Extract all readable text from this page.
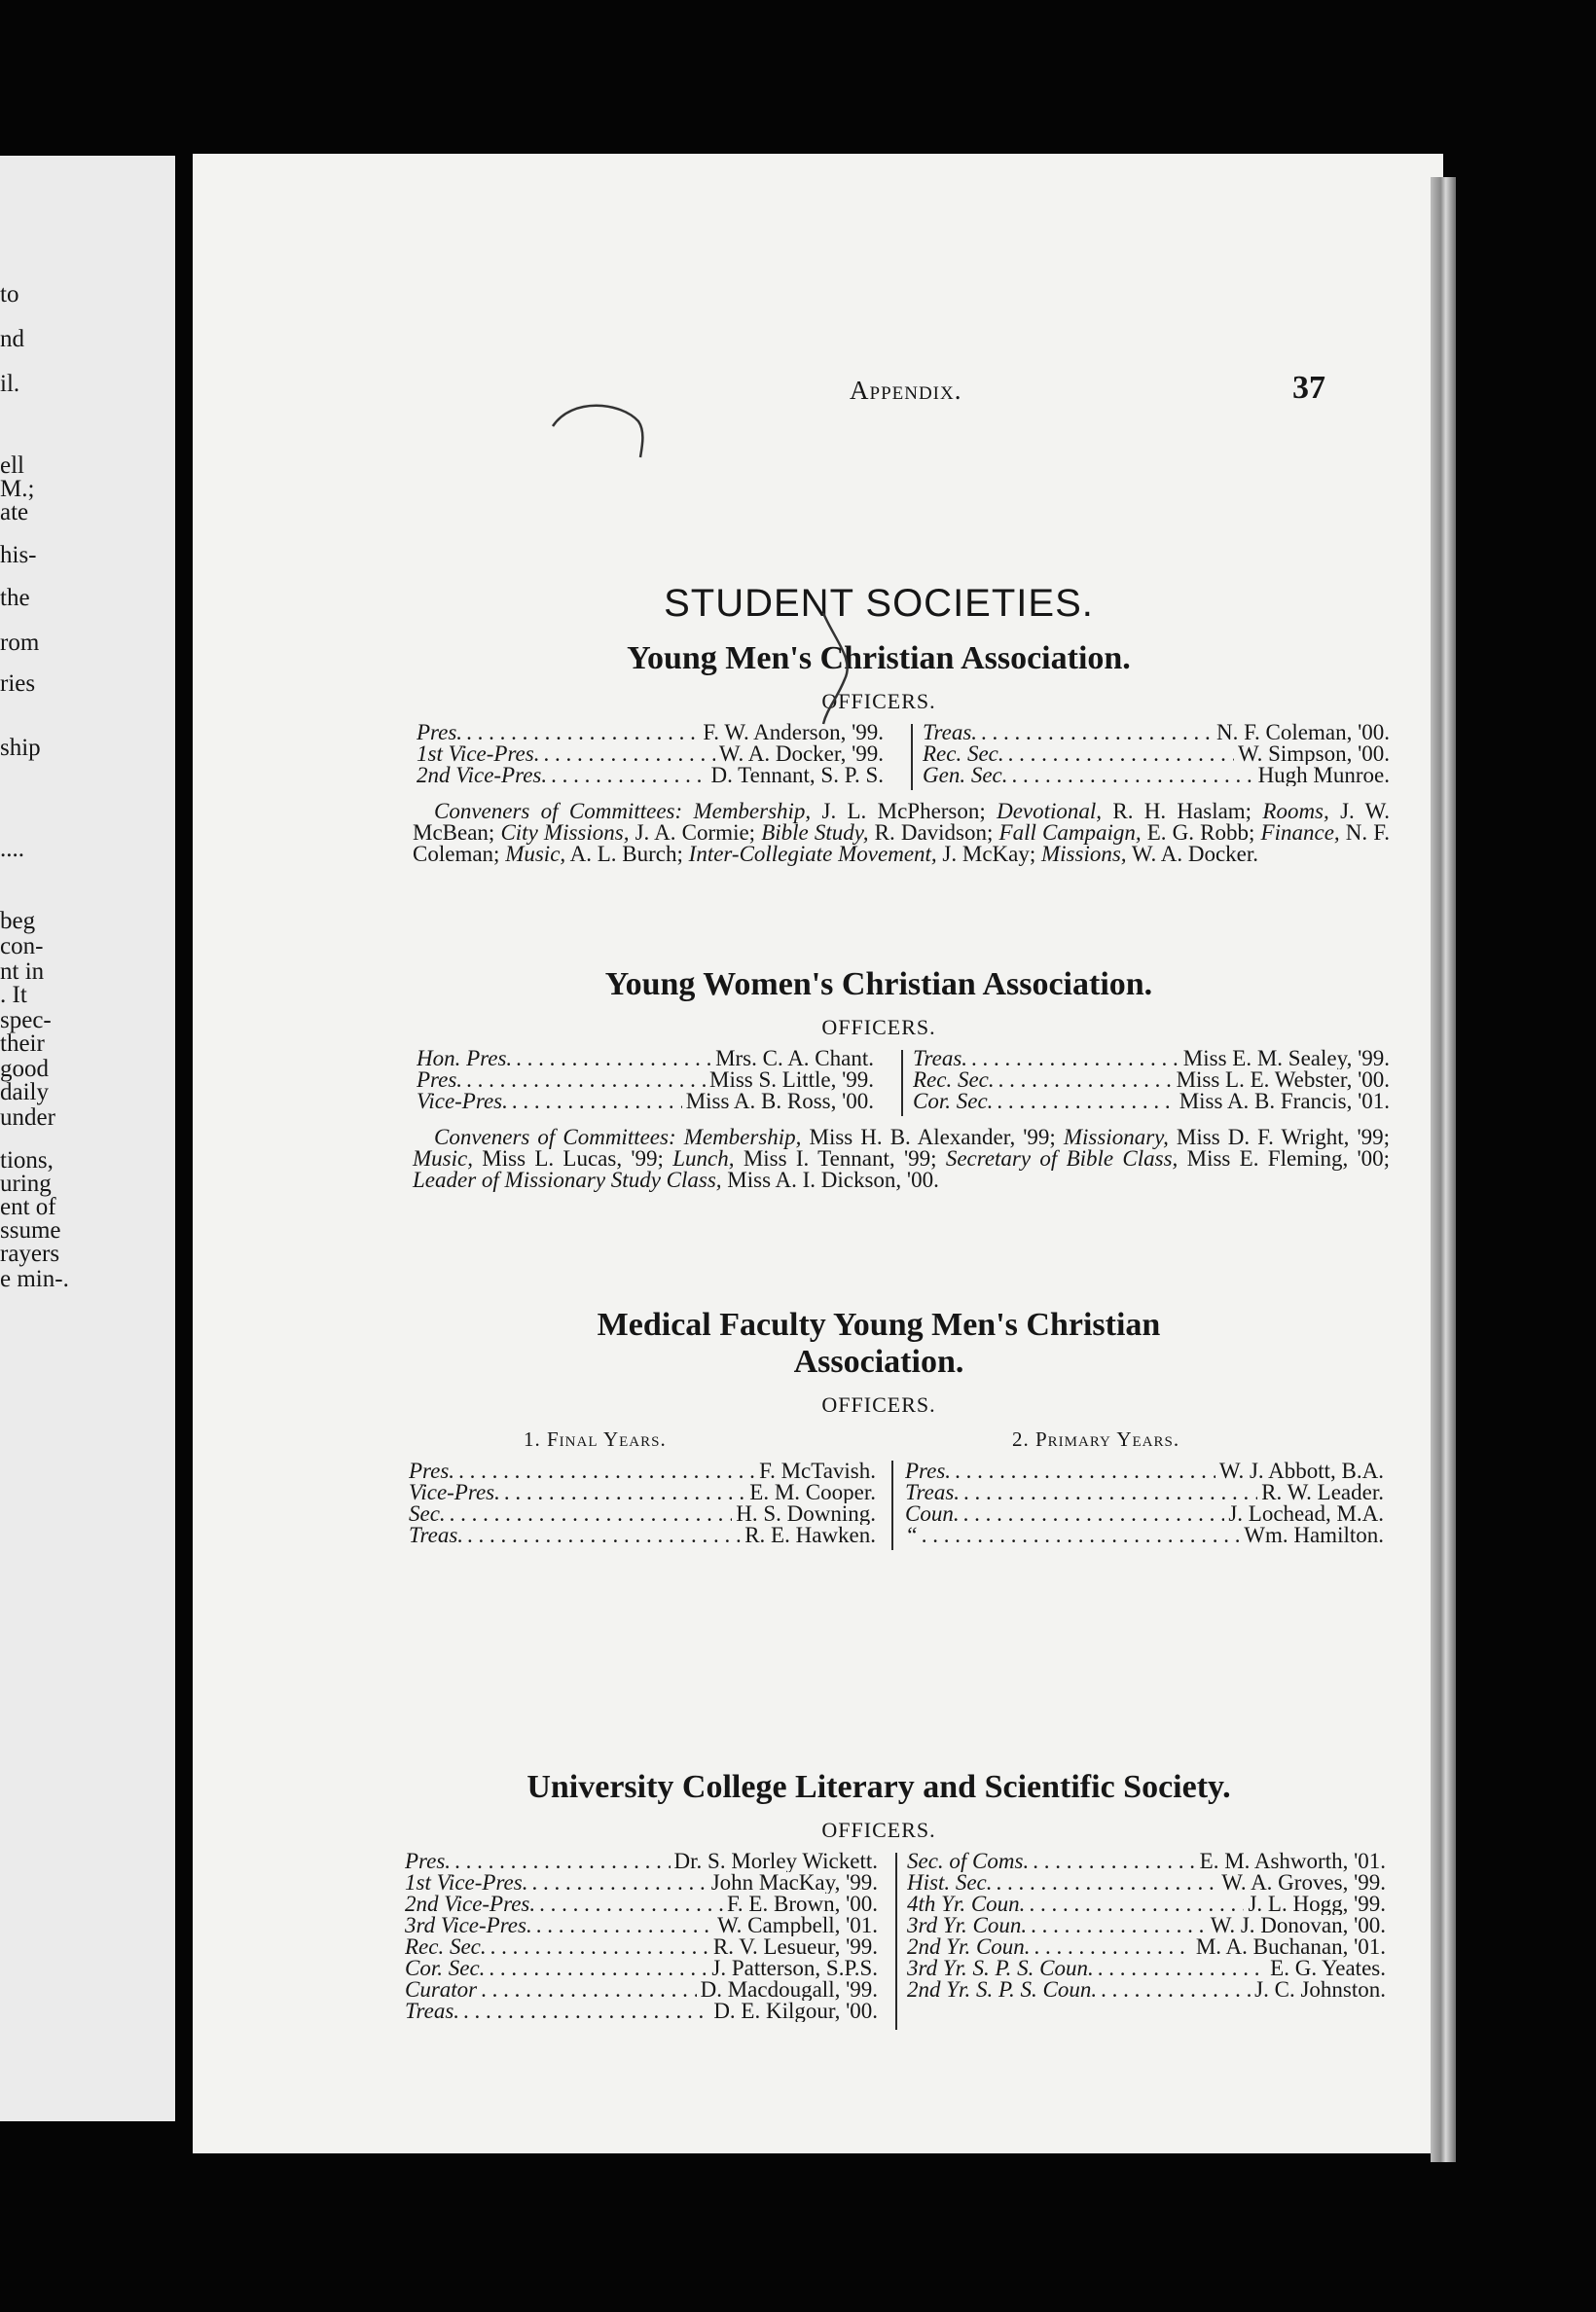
to
nd
il.
ell
M.;
ate
his-
the
rom
ries
ship
....
beg
con-
nt in
. It
spec-
their
good
daily
under
tions,
uring
ent of
ssume
rayers
e min-.
Appendix.	37
STUDENT SOCIETIES.
Young Men's Christian Association.
OFFICERS.
Pres. . . .	F. W. Anderson, '99.
1st Vice-Pres. . . .	W. A. Docker, '99.
2nd Vice-Pres. . . .	D. Tennant, S. P. S.
Treas. . . .	N. F. Coleman, '00.
Rec. Sec. . . .	W. Simpson, '00.
Gen. Sec. . . .	Hugh Munroe.
Conveners of Committees: Membership, J. L. McPherson; Devotional, R. H. Haslam; Rooms, J. W. McBean; City Missions, J. A. Cormie; Bible Study, R. Davidson; Fall Campaign, E. G. Robb; Finance, N. F. Coleman; Music, A. L. Burch; Inter-Collegiate Movement, J. McKay; Missions, W. A. Docker.
Young Women's Christian Association.
OFFICERS.
Hon. Pres. . . .	Mrs. C. A. Chant.
Pres. . . .	Miss S. Little, '99.
Vice-Pres. . . .	Miss A. B. Ross, '00.
Treas. . . .	Miss E. M. Sealey, '99.
Rec. Sec. . . .	Miss L. E. Webster, '00.
Cor. Sec. . . .	Miss A. B. Francis, '01.
Conveners of Committees: Membership, Miss H. B. Alexander, '99; Missionary, Miss D. F. Wright, '99; Music, Miss L. Lucas, '99; Lunch, Miss I. Tennant, '99; Secretary of Bible Class, Miss E. Fleming, '00; Leader of Missionary Study Class, Miss A. I. Dickson, '00.
Medical Faculty Young Men's Christian
Association.
OFFICERS.
1. Final Years.	2. Primary Years.
Pres. . . .	F. McTavish.
Vice-Pres. . . .	E. M. Cooper.
Sec. . . .	H. S. Downing.
Treas. . . .	R. E. Hawken.
Pres. . . .	W. J. Abbott, B.A.
Treas. . . .	R. W. Leader.
Coun. . . .	J. Lochead, M.A.
“ . . .	Wm. Hamilton.
University College Literary and Scientific Society.
OFFICERS.
Pres. . . .	Dr. S. Morley Wickett.
1st Vice-Pres. . . .	John MacKay, '99.
2nd Vice-Pres. . . .	F. E. Brown, '00.
3rd Vice-Pres. . . .	W. Campbell, '01.
Rec. Sec. . . .	R. V. Lesueur, '99.
Cor. Sec. . . .	J. Patterson, S.P.S.
Curator . . .	D. Macdougall, '99.
Treas. . . .	D. E. Kilgour, '00.
Sec. of Coms. . . .	E. M. Ashworth, '01.
Hist. Sec. . . .	W. A. Groves, '99.
4th Yr. Coun. . . .	J. L. Hogg, '99.
3rd Yr. Coun. . . .	W. J. Donovan, '00.
2nd Yr. Coun. . . .	M. A. Buchanan, '01.
3rd Yr. S. P. S. Coun. . . .	E. G. Yeates.
2nd Yr. S. P. S. Coun. . . .	J. C. Johnston.
